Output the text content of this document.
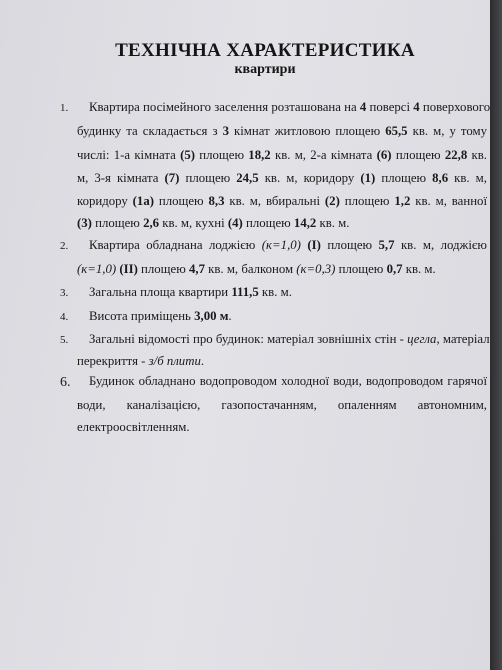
ТЕХНІЧНА ХАРАКТЕРИСТИКА
квартири
1. Квартира посімейного заселення розташована на 4 поверсі 4 поверхового
будинку та складається з 3 кімнат житловою площею 65,5 кв. м, у тому
числі: 1-а кімната (5) площею 18,2 кв. м, 2-а кімната (6) площею 22,8 кв.
м, 3-я кімната (7) площею 24,5 кв. м, коридору (1) площею 8,6 кв. м,
коридору (1а) площею 8,3 кв. м, вбиральні (2) площею 1,2 кв. м, ванної
(3) площею 2,6 кв. м, кухні (4) площею 14,2 кв. м.
2. Квартира обладнана лоджією (к=1,0) (I) площею 5,7 кв. м, лоджією
(к=1,0) (II) площею 4,7 кв. м, балконом (к=0,3) площею 0,7 кв. м.
3. Загальна площа квартири 111,5 кв. м.
4. Висота приміщень 3,00 м.
5. Загальні відомості про будинок: матеріал зовнішніх стін - цегла, матеріал
перекриття - з/б плити.
6. Будинок обладнано водопроводом холодної води, водопроводом гарячої
води, каналізацією, газопостачанням, опаленням автономним,
електроосвітленням.
